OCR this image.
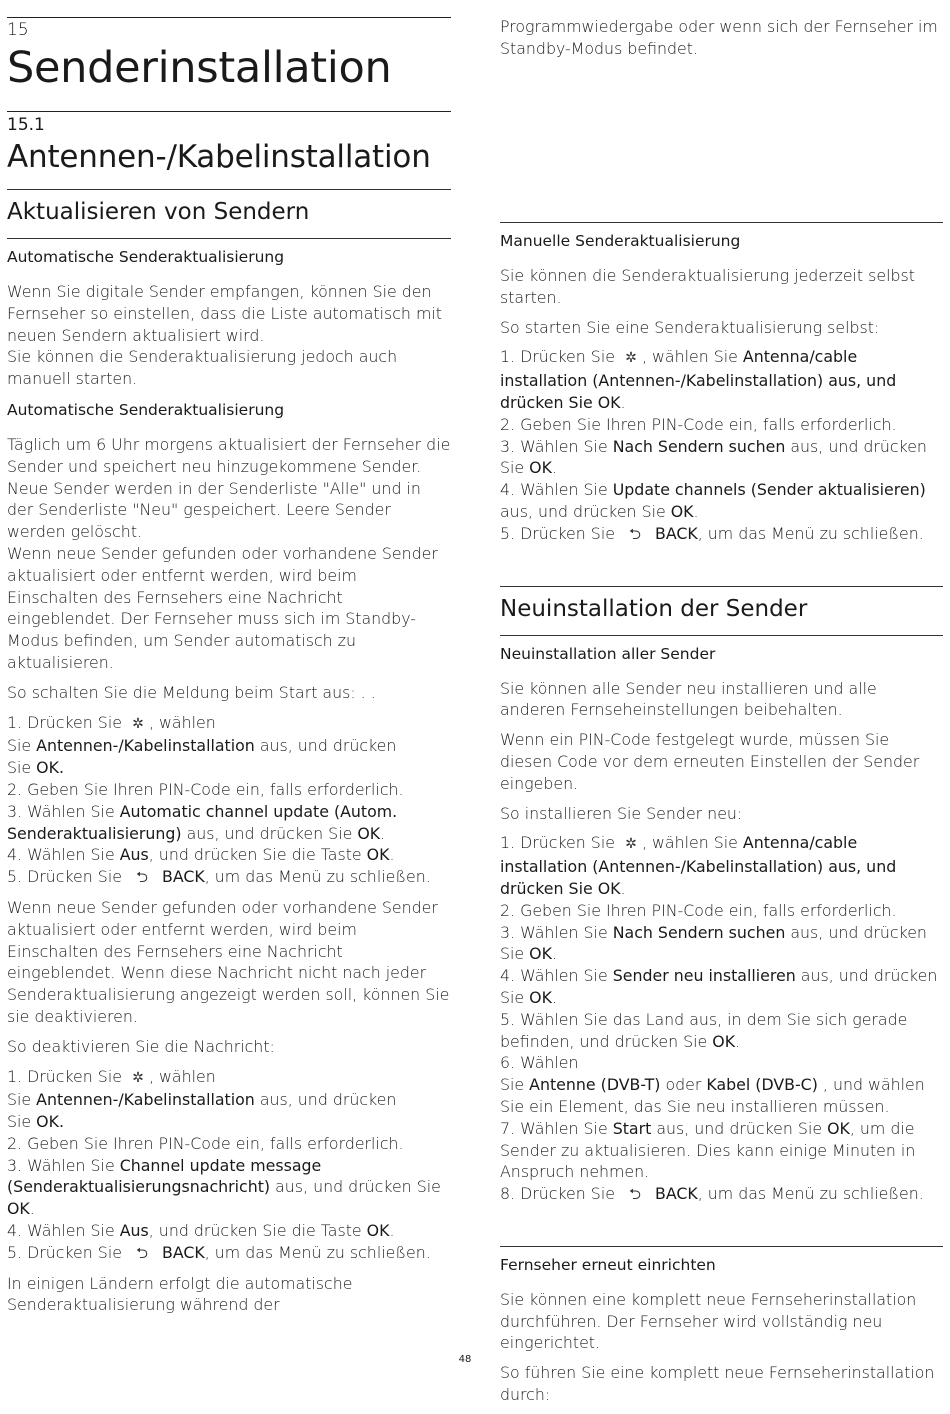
15
Senderinstallation
15.1
Antennen-/Kabelinstallation
Aktualisieren von Sendern
Automatische Senderaktualisierung

Wenn Sie digitale Sender empfangen, können Sie den Fernseher so einstellen, dass die Liste automatisch mit neuen Sendern aktualisiert wird.
Sie können die Senderaktualisierung jedoch auch manuell starten.

Automatische Senderaktualisierung

Täglich um 6 Uhr morgens aktualisiert der Fernseher die Sender und speichert neu hinzugekommene Sender. Neue Sender werden in der Senderliste "Alle" und in der Senderliste "Neu" gespeichert. Leere Sender werden gelöscht.
Wenn neue Sender gefunden oder vorhandene Sender aktualisiert oder entfernt werden, wird beim Einschalten des Fernsehers eine Nachricht eingeblendet. Der Fernseher muss sich im Standby-Modus befinden, um Sender automatisch zu aktualisieren.

So schalten Sie die Meldung beim Start aus: . .

1. Drücken Sie ✲ , wählen
Sie Antennen-/Kabelinstallation aus, und drücken
Sie OK.
2. Geben Sie Ihren PIN-Code ein, falls erforderlich.
3. Wählen Sie Automatic channel update (Autom. Senderaktualisierung) aus, und drücken Sie OK.
4. Wählen Sie Aus, und drücken Sie die Taste OK.
5. Drücken Sie ⮌ BACK, um das Menü zu schließen.

Wenn neue Sender gefunden oder vorhandene Sender aktualisiert oder entfernt werden, wird beim Einschalten des Fernsehers eine Nachricht eingeblendet. Wenn diese Nachricht nicht nach jeder Senderaktualisierung angezeigt werden soll, können Sie sie deaktivieren.

So deaktivieren Sie die Nachricht:

1. Drücken Sie ✲ , wählen
Sie Antennen-/Kabelinstallation aus, und drücken
Sie OK.
2. Geben Sie Ihren PIN-Code ein, falls erforderlich.
3. Wählen Sie Channel update message (Senderaktualisierungsnachricht) aus, und drücken Sie OK.
4. Wählen Sie Aus, und drücken Sie die Taste OK.
5. Drücken Sie ⮌ BACK, um das Menü zu schließen.

In einigen Ländern erfolgt die automatische Senderaktualisierung während der

Manuelle Senderaktualisierung

Sie können die Senderaktualisierung jederzeit selbst starten.

So starten Sie eine Senderaktualisierung selbst:

1. Drücken Sie ✲ , wählen Sie Antenna/cable installation (Antennen-/Kabelinstallation) aus, und drücken Sie OK.
2. Geben Sie Ihren PIN-Code ein, falls erforderlich.
3. Wählen Sie Nach Sendern suchen aus, und drücken Sie OK.
4. Wählen Sie Update channels (Sender aktualisieren) aus, und drücken Sie OK.
5. Drücken Sie ⮌ BACK, um das Menü zu schließen.
Neuinstallation der Sender
Neuinstallation aller Sender

Sie können alle Sender neu installieren und alle anderen Fernseheinstellungen beibehalten.

Wenn ein PIN-Code festgelegt wurde, müssen Sie diesen Code vor dem erneuten Einstellen der Sender eingeben.

So installieren Sie Sender neu:

1. Drücken Sie ✲ , wählen Sie Antenna/cable installation (Antennen-/Kabelinstallation) aus, und drücken Sie OK.
2. Geben Sie Ihren PIN-Code ein, falls erforderlich.
3. Wählen Sie Nach Sendern suchen aus, und drücken Sie OK.
4. Wählen Sie Sender neu installieren aus, und drücken Sie OK.
5. Wählen Sie das Land aus, in dem Sie sich gerade befinden, und drücken Sie OK.
6. Wählen
Sie Antenne (DVB-T) oder Kabel (DVB-C) , und wählen Sie ein Element, das Sie neu installieren müssen.
7. Wählen Sie Start aus, und drücken Sie OK, um die Sender zu aktualisieren. Dies kann einige Minuten in Anspruch nehmen.
8. Drücken Sie ⮌ BACK, um das Menü zu schließen.
Fernseher erneut einrichten

Sie können eine komplett neue Fernseherinstallation durchführen. Der Fernseher wird vollständig neu eingerichtet.

So führen Sie eine komplett neue Fernseherinstallation durch:

48

Programmwiedergabe oder wenn sich der Fernseher im Standby-Modus befindet.
